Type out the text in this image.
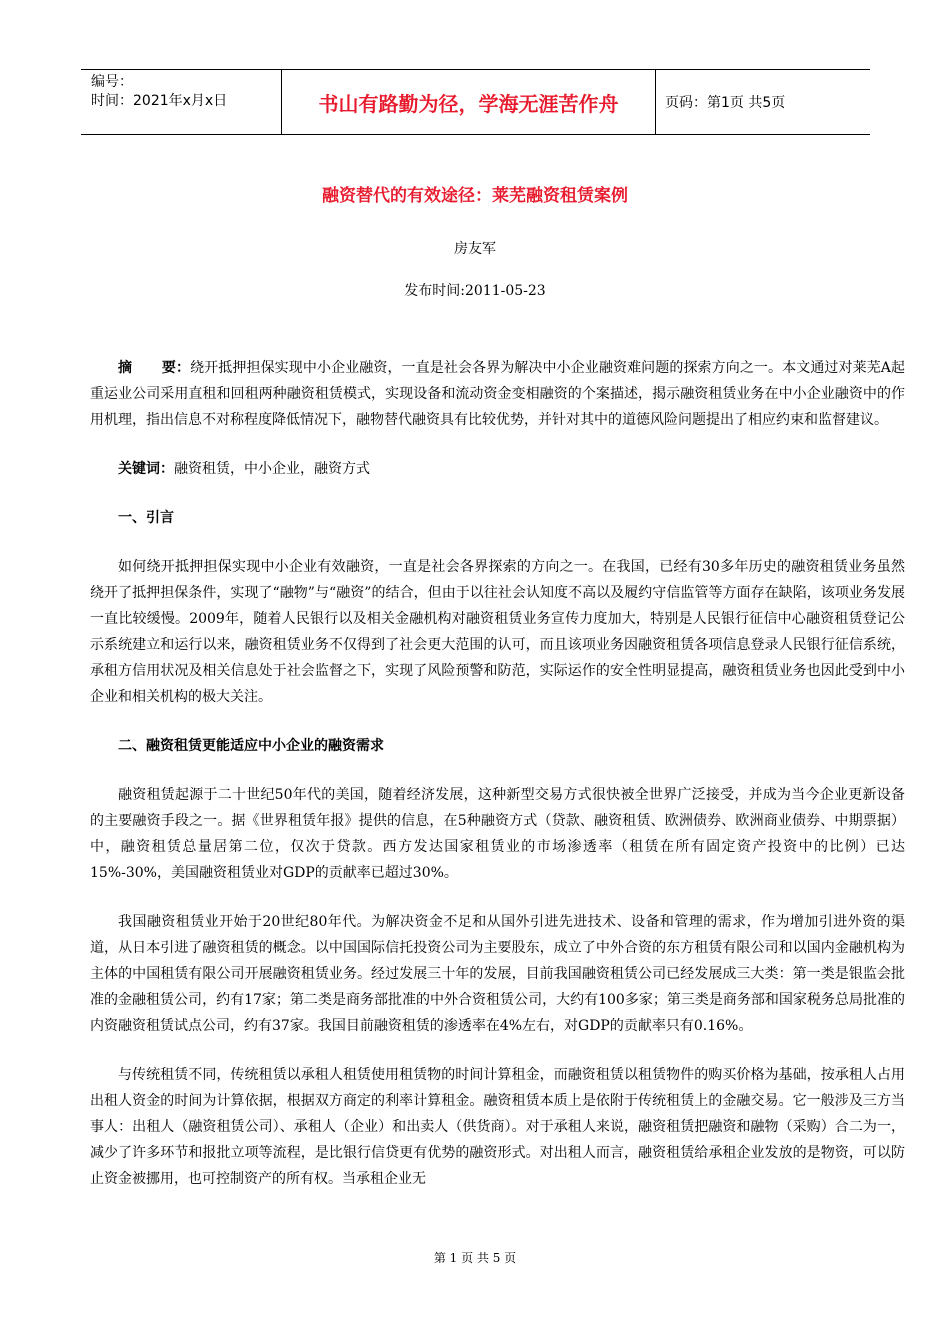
编号：
时间：2021年x月x日	书山有路勤为径，学海无涯苦作舟	页码：第1页 共5页
融资替代的有效途径：莱芜融资租赁案例
房友军
发布时间:2011-05-23

摘      要：绕开抵押担保实现中小企业融资，一直是社会各界为解决中小企业融资难问题的探索方向之一。本文通过对莱芜A起重运业公司采用直租和回租两种融资租赁模式，实现设备和流动资金变相融资的个案描述，揭示融资租赁业务在中小企业融资中的作用机理，指出信息不对称程度降低情况下，融物替代融资具有比较优势，并针对其中的道德风险问题提出了相应约束和监督建议。

关键词：融资租赁，中小企业，融资方式

一、引言

如何绕开抵押担保实现中小企业有效融资，一直是社会各界探索的方向之一。在我国，已经有30多年历史的融资租赁业务虽然绕开了抵押担保条件，实现了“融物”与“融资”的结合，但由于以往社会认知度不高以及履约守信监管等方面存在缺陷，该项业务发展一直比较缓慢。2009年，随着人民银行以及相关金融机构对融资租赁业务宣传力度加大，特别是人民银行征信中心融资租赁登记公示系统建立和运行以来，融资租赁业务不仅得到了社会更大范围的认可，而且该项业务因融资租赁各项信息登录人民银行征信系统，承租方信用状况及相关信息处于社会监督之下，实现了风险预警和防范，实际运作的安全性明显提高，融资租赁业务也因此受到中小企业和相关机构的极大关注。

二、融资租赁更能适应中小企业的融资需求

融资租赁起源于二十世纪50年代的美国，随着经济发展，这种新型交易方式很快被全世界广泛接受，并成为当今企业更新设备的主要融资手段之一。据《世界租赁年报》提供的信息，在5种融资方式（贷款、融资租赁、欧洲债券、欧洲商业债券、中期票据）中，融资租赁总量居第二位，仅次于贷款。西方发达国家租赁业的市场渗透率（租赁在所有固定资产投资中的比例）已达15%-30%，美国融资租赁业对GDP的贡献率已超过30%。

我国融资租赁业开始于20世纪80年代。为解决资金不足和从国外引进先进技术、设备和管理的需求，作为增加引进外资的渠道，从日本引进了融资租赁的概念。以中国国际信托投资公司为主要股东，成立了中外合资的东方租赁有限公司和以国内金融机构为主体的中国租赁有限公司开展融资租赁业务。经过发展三十年的发展，目前我国融资租赁公司已经发展成三大类：第一类是银监会批准的金融租赁公司，约有17家；第二类是商务部批准的中外合资租赁公司，大约有100多家；第三类是商务部和国家税务总局批准的内资融资租赁试点公司，约有37家。我国目前融资租赁的渗透率在4%左右，对GDP的贡献率只有0.16%。

与传统租赁不同，传统租赁以承租人租赁使用租赁物的时间计算租金，而融资租赁以租赁物件的购买价格为基础，按承租人占用出租人资金的时间为计算依据，根据双方商定的利率计算租金。融资租赁本质上是依附于传统租赁上的金融交易。它一般涉及三方当事人：出租人（融资租赁公司）、承租人（企业）和出卖人（供货商）。对于承租人来说，融资租赁把融资和融物（采购）合二为一，减少了许多环节和报批立项等流程，是比银行信贷更有优势的融资形式。对出租人而言，融资租赁给承租企业发放的是物资，可以防止资金被挪用，也可控制资产的所有权。当承租企业无

第 1 页 共 5 页
